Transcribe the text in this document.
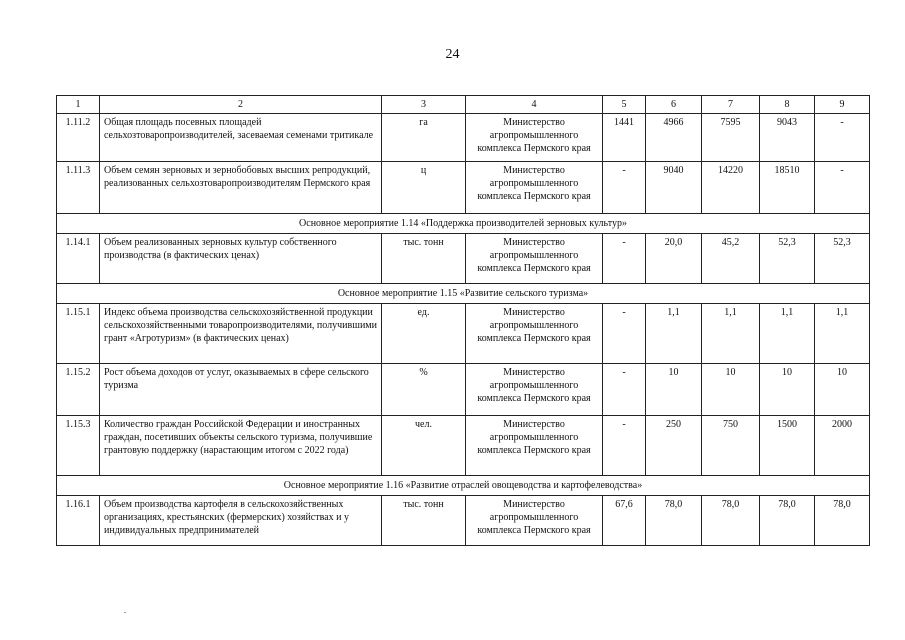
24
1	2	3	4	5	6	7	8	9
1.11.2	Общая площадь посевных площадей сельхозтоваропроизводителей, засеваемая семенами тритикале	га	Министерство агропромышленного комплекса Пермского края	1441	4966	7595	9043	-
1.11.3	Объем семян зерновых и зернобобовых высших репродукций, реализованных сельхозтоваропроизводителям Пермского края	ц	Министерство агропромышленного комплекса Пермского края	-	9040	14220	18510	-
Основное мероприятие 1.14 «Поддержка производителей зерновых культур»								
1.14.1	Объем реализованных зерновых культур собственного производства (в фактических ценах)	тыс. тонн	Министерство агропромышленного комплекса Пермского края	-	20,0	45,2	52,3	52,3
Основное мероприятие 1.15 «Развитие сельского туризма»								
1.15.1	Индекс объема производства сельскохозяйственной продукции сельскохозяйственными товаропроизводителями, получившими грант «Агротуризм» (в фактических ценах)	ед.	Министерство агропромышленного комплекса Пермского края	-	1,1	1,1	1,1	1,1
1.15.2	Рост объема доходов от услуг, оказываемых в сфере сельского туризма	%	Министерство агропромышленного комплекса Пермского края	-	10	10	10	10
1.15.3	Количество граждан Российской Федерации и иностранных граждан, посетивших объекты сельского туризма, получившие грантовую поддержку (нарастающим итогом с 2022 года)	чел.	Министерство агропромышленного комплекса Пермского края	-	250	750	1500	2000
Основное мероприятие 1.16 «Развитие отраслей овощеводства и картофелеводства»								
1.16.1	Объем производства картофеля в сельскохозяйственных организациях, крестьянских (фермерских) хозяйствах и у индивидуальных предпринимателей	тыс. тонн	Министерство агропромышленного комплекса Пермского края	67,6	78,0	78,0	78,0	78,0
